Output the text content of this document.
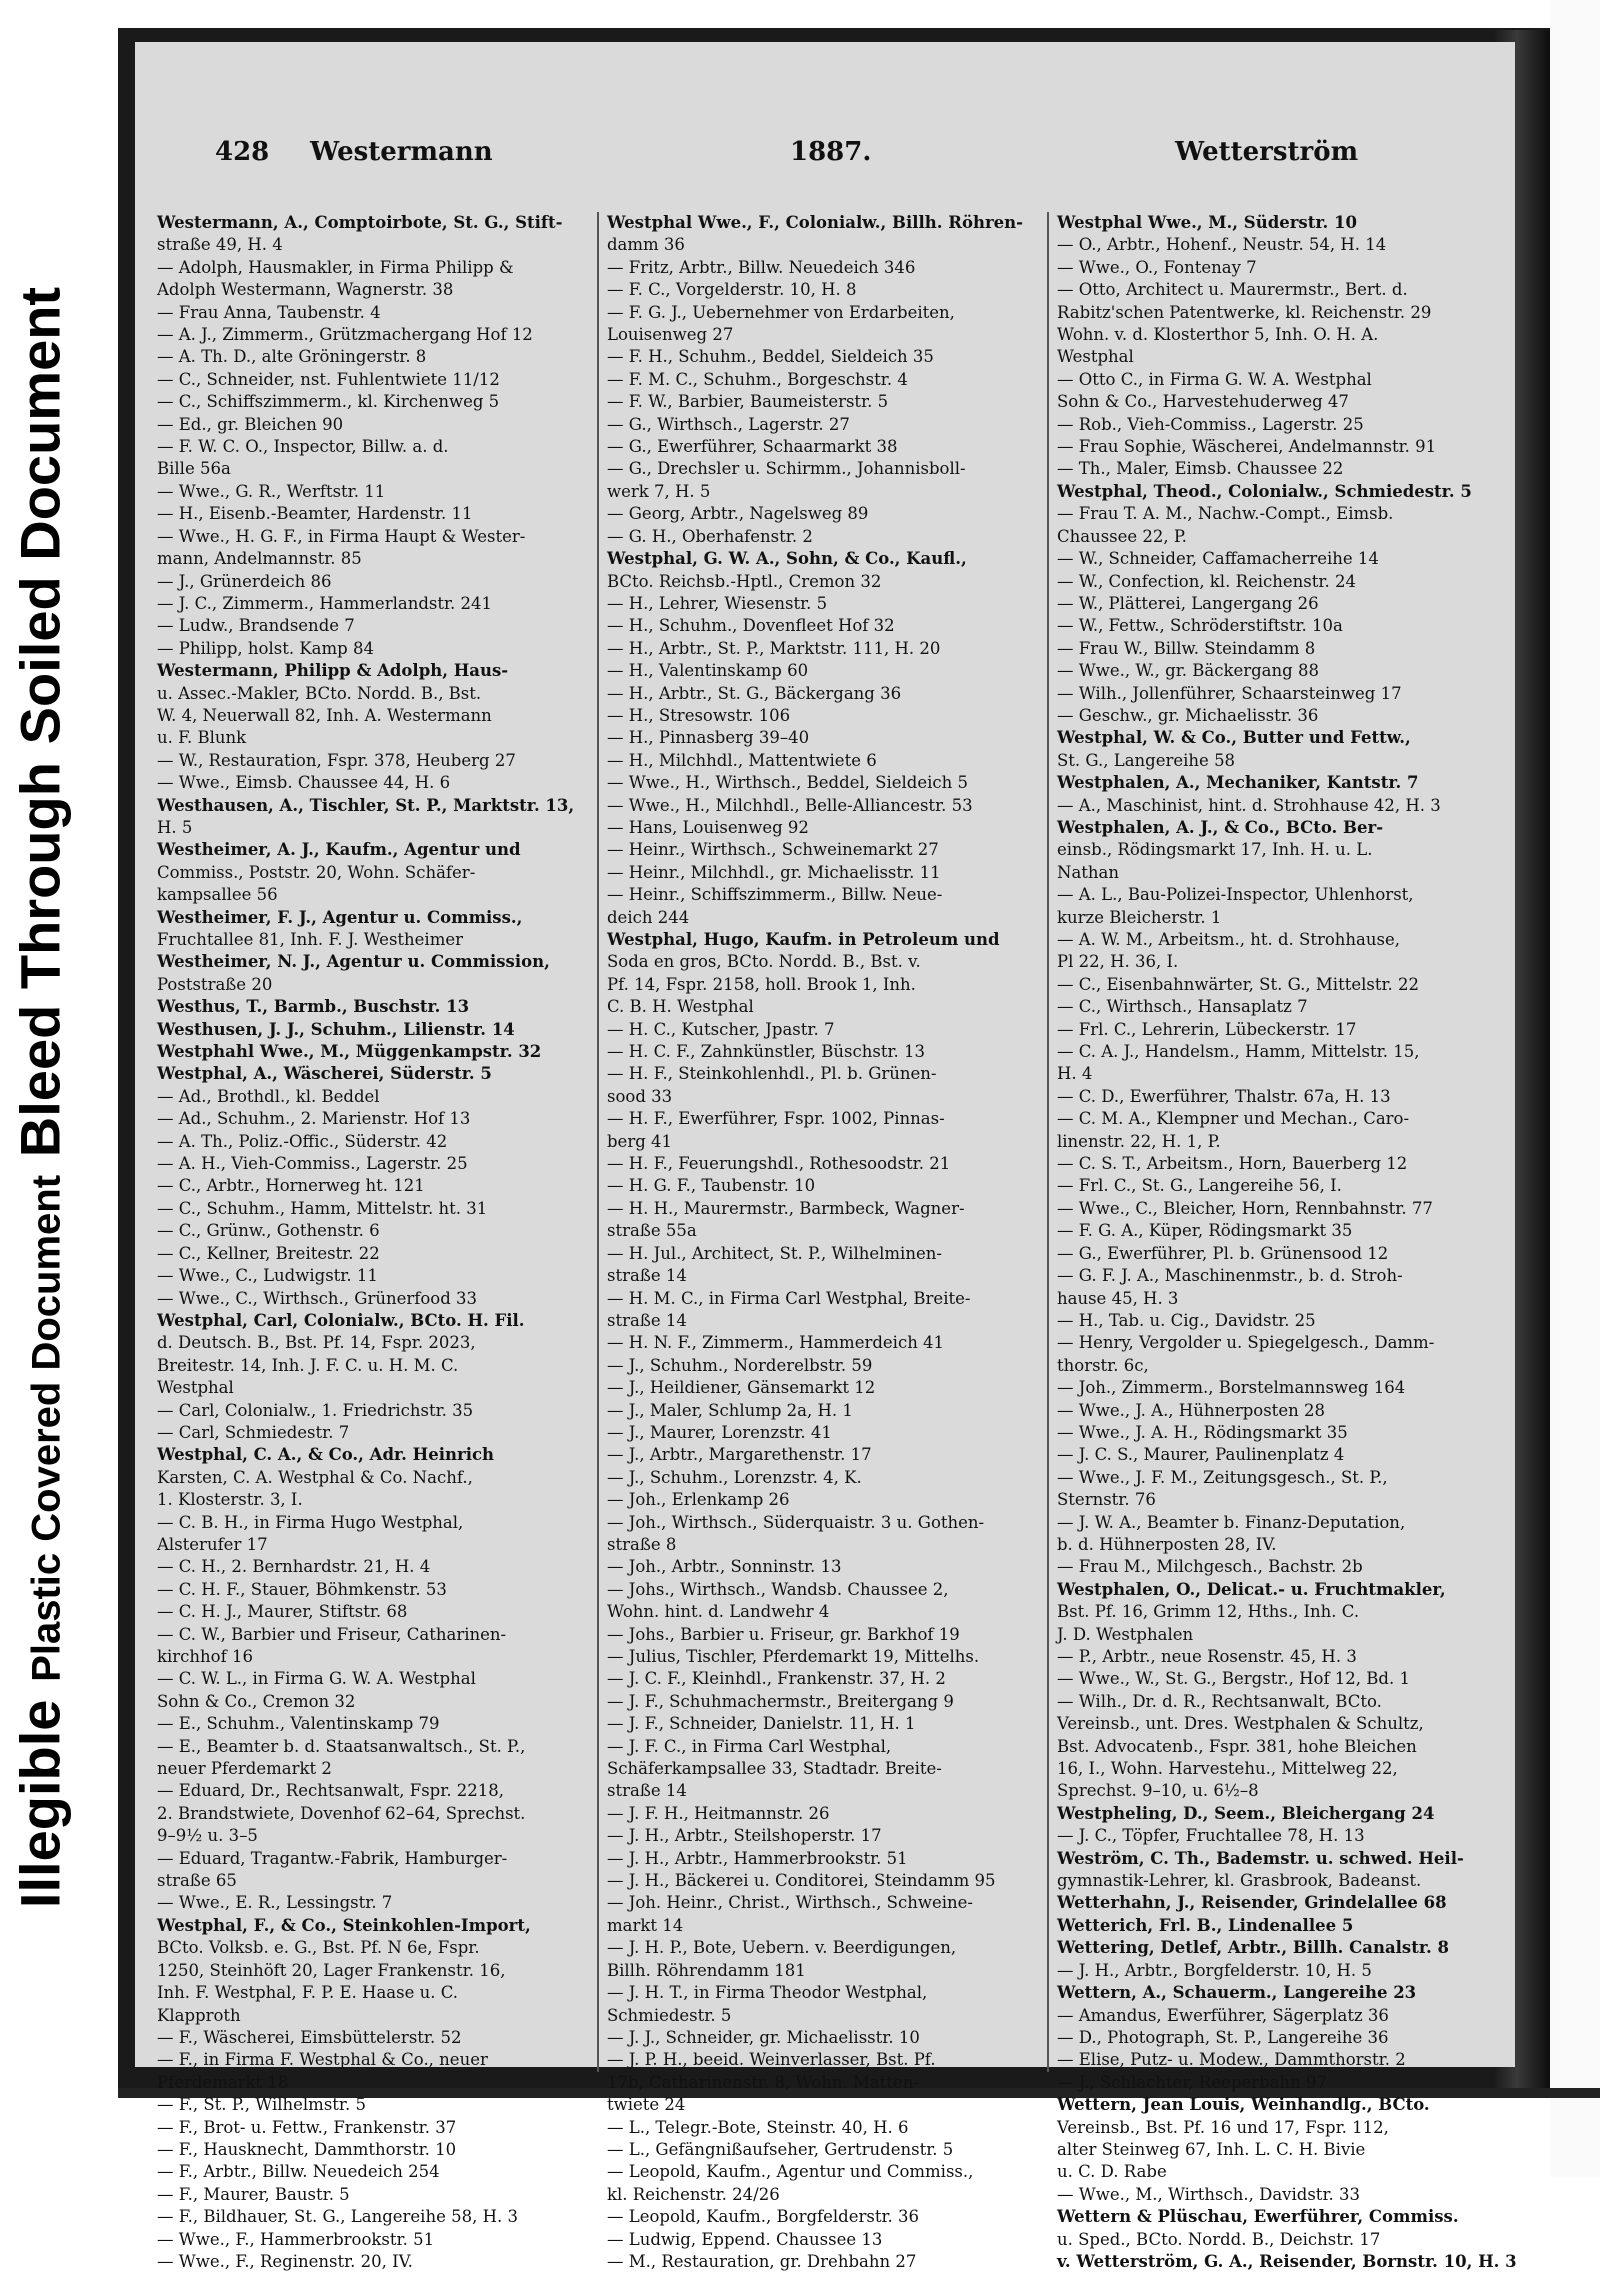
Illegible    Plastic Covered Document    Bleed Through    Soiled Document
428 Westermann	1887.	Wetterström
Westermann, A., Comptoirbote, St. G., Stift-
straße 49, H. 4
— Adolph, Hausmakler, in Firma Philipp &
Adolph Westermann, Wagnerstr. 38
— Frau Anna, Taubenstr. 4
— A. J., Zimmerm., Grützmachergang Hof 12
— A. Th. D., alte Gröningerstr. 8
— C., Schneider, nst. Fuhlentwiete 11/12
— C., Schiffszimmerm., kl. Kirchenweg 5
— Ed., gr. Bleichen 90
— F. W. C. O., Inspector, Billw. a. d.
Bille 56a
— Wwe., G. R., Werftstr. 11
— H., Eisenb.-Beamter, Hardenstr. 11
— Wwe., H. G. F., in Firma Haupt & Wester-
mann, Andelmannstr. 85
— J., Grünerdeich 86
— J. C., Zimmerm., Hammerlandstr. 241
— Ludw., Brandsende 7
— Philipp, holst. Kamp 84
Westermann, Philipp & Adolph, Haus-
u. Assec.-Makler, BCto. Nordd. B., Bst.
W. 4, Neuerwall 82, Inh. A. Westermann
u. F. Blunk
— W., Restauration, Fspr. 378, Heuberg 27
— Wwe., Eimsb. Chaussee 44, H. 6
Westhausen, A., Tischler, St. P., Marktstr. 13,
H. 5
Westheimer, A. J., Kaufm., Agentur und
Commiss., Poststr. 20, Wohn. Schäfer-
kampsallee 56
Westheimer, F. J., Agentur u. Commiss.,
Fruchtallee 81, Inh. F. J. Westheimer
Westheimer, N. J., Agentur u. Commission,
Poststraße 20
Westhus, T., Barmb., Buschstr. 13
Westhusen, J. J., Schuhm., Lilienstr. 14
Westphahl Wwe., M., Müggenkampstr. 32
Westphal, A., Wäscherei, Süderstr. 5
— Ad., Brothdl., kl. Beddel
— Ad., Schuhm., 2. Marienstr. Hof 13
— A. Th., Poliz.-Offic., Süderstr. 42
— A. H., Vieh-Commiss., Lagerstr. 25
— C., Arbtr., Hornerweg ht. 121
— C., Schuhm., Hamm, Mittelstr. ht. 31
— C., Grünw., Gothenstr. 6
— C., Kellner, Breitestr. 22
— Wwe., C., Ludwigstr. 11
— Wwe., C., Wirthsch., Grünerfood 33
Westphal, Carl, Colonialw., BCto. H. Fil.
d. Deutsch. B., Bst. Pf. 14, Fspr. 2023,
Breitestr. 14, Inh. J. F. C. u. H. M. C.
Westphal
— Carl, Colonialw., 1. Friedrichstr. 35
— Carl, Schmiedestr. 7
Westphal, C. A., & Co., Adr. Heinrich
Karsten, C. A. Westphal & Co. Nachf.,
1. Klosterstr. 3, I.
— C. B. H., in Firma Hugo Westphal,
Alsterufer 17
— C. H., 2. Bernhardstr. 21, H. 4
— C. H. F., Stauer, Böhmkenstr. 53
— C. H. J., Maurer, Stiftstr. 68
— C. W., Barbier und Friseur, Catharinen-
kirchhof 16
— C. W. L., in Firma G. W. A. Westphal
Sohn & Co., Cremon 32
— E., Schuhm., Valentinskamp 79
— E., Beamter b. d. Staatsanwaltsch., St. P.,
neuer Pferdemarkt 2
— Eduard, Dr., Rechtsanwalt, Fspr. 2218,
2. Brandstwiete, Dovenhof 62–64, Sprechst.
9–9½ u. 3–5
— Eduard, Tragantw.-Fabrik, Hamburger-
straße 65
— Wwe., E. R., Lessingstr. 7
Westphal, F., & Co., Steinkohlen-Import,
BCto. Volksb. e. G., Bst. Pf. N 6e, Fspr.
1250, Steinhöft 20, Lager Frankenstr. 16,
Inh. F. Westphal, F. P. E. Haase u. C.
Klapproth
— F., Wäscherei, Eimsbüttelerstr. 52
— F., in Firma F. Westphal & Co., neuer
Pferdemarkt 18
— F., St. P., Wilhelmstr. 5
— F., Brot- u. Fettw., Frankenstr. 37
— F., Hausknecht, Dammthorstr. 10
— F., Arbtr., Billw. Neuedeich 254
— F., Maurer, Baustr. 5
— F., Bildhauer, St. G., Langereihe 58, H. 3
— Wwe., F., Hammerbrookstr. 51
— Wwe., F., Reginenstr. 20, IV.
Westphal Wwe., F., Colonialw., Billh. Röhren-
damm 36
— Fritz, Arbtr., Billw. Neuedeich 346
— F. C., Vorgelderstr. 10, H. 8
— F. G. J., Uebernehmer von Erdarbeiten,
Louisenweg 27
— F. H., Schuhm., Beddel, Sieldeich 35
— F. M. C., Schuhm., Borgeschstr. 4
— F. W., Barbier, Baumeisterstr. 5
— G., Wirthsch., Lagerstr. 27
— G., Ewerführer, Schaarmarkt 38
— G., Drechsler u. Schirmm., Johannisboll-
werk 7, H. 5
— Georg, Arbtr., Nagelsweg 89
— G. H., Oberhafenstr. 2
Westphal, G. W. A., Sohn, & Co., Kaufl.,
BCto. Reichsb.-Hptl., Cremon 32
— H., Lehrer, Wiesenstr. 5
— H., Schuhm., Dovenfleet Hof 32
— H., Arbtr., St. P., Marktstr. 111, H. 20
— H., Valentinskamp 60
— H., Arbtr., St. G., Bäckergang 36
— H., Stresowstr. 106
— H., Pinnasberg 39–40
— H., Milchhdl., Mattentwiete 6
— Wwe., H., Wirthsch., Beddel, Sieldeich 5
— Wwe., H., Milchhdl., Belle-Alliancestr. 53
— Hans, Louisenweg 92
— Heinr., Wirthsch., Schweinemarkt 27
— Heinr., Milchhdl., gr. Michaelisstr. 11
— Heinr., Schiffszimmerm., Billw. Neue-
deich 244
Westphal, Hugo, Kaufm. in Petroleum und
Soda en gros, BCto. Nordd. B., Bst. v.
Pf. 14, Fspr. 2158, holl. Brook 1, Inh.
C. B. H. Westphal
— H. C., Kutscher, Jpastr. 7
— H. C. F., Zahnkünstler, Büschstr. 13
— H. F., Steinkohlenhdl., Pl. b. Grünen-
sood 33
— H. F., Ewerführer, Fspr. 1002, Pinnas-
berg 41
— H. F., Feuerungshdl., Rothesoodstr. 21
— H. G. F., Taubenstr. 10
— H. H., Maurermstr., Barmbeck, Wagner-
straße 55a
— H. Jul., Architect, St. P., Wilhelminen-
straße 14
— H. M. C., in Firma Carl Westphal, Breite-
straße 14
— H. N. F., Zimmerm., Hammerdeich 41
— J., Schuhm., Norderelbstr. 59
— J., Heildiener, Gänsemarkt 12
— J., Maler, Schlump 2a, H. 1
— J., Maurer, Lorenzstr. 41
— J., Arbtr., Margarethenstr. 17
— J., Schuhm., Lorenzstr. 4, K.
— Joh., Erlenkamp 26
— Joh., Wirthsch., Süderquaistr. 3 u. Gothen-
straße 8
— Joh., Arbtr., Sonninstr. 13
— Johs., Wirthsch., Wandsb. Chaussee 2,
Wohn. hint. d. Landwehr 4
— Johs., Barbier u. Friseur, gr. Barkhof 19
— Julius, Tischler, Pferdemarkt 19, Mittelhs.
— J. C. F., Kleinhdl., Frankenstr. 37, H. 2
— J. F., Schuhmachermstr., Breitergang 9
— J. F., Schneider, Danielstr. 11, H. 1
— J. F. C., in Firma Carl Westphal,
Schäferkampsallee 33, Stadtadr. Breite-
straße 14
— J. F. H., Heitmannstr. 26
— J. H., Arbtr., Steilshoperstr. 17
— J. H., Arbtr., Hammerbrookstr. 51
— J. H., Bäckerei u. Conditorei, Steindamm 95
— Joh. Heinr., Christ., Wirthsch., Schweine-
markt 14
— J. H. P., Bote, Uebern. v. Beerdigungen,
Billh. Röhrendamm 181
— J. H. T., in Firma Theodor Westphal,
Schmiedestr. 5
— J. J., Schneider, gr. Michaelisstr. 10
— J. P. H., beeid. Weinverlasser, Bst. Pf.
17b, Catharinenstr. 8, Wohn. Matten-
twiete 24
— L., Telegr.-Bote, Steinstr. 40, H. 6
— L., Gefängnißaufseher, Gertrudenstr. 5
— Leopold, Kaufm., Agentur und Commiss.,
kl. Reichenstr. 24/26
— Leopold, Kaufm., Borgfelderstr. 36
— Ludwig, Eppend. Chaussee 13
— M., Restauration, gr. Drehbahn 27
Westphal Wwe., M., Süderstr. 10
— O., Arbtr., Hohenf., Neustr. 54, H. 14
— Wwe., O., Fontenay 7
— Otto, Architect u. Maurermstr., Bert. d.
Rabitz'schen Patentwerke, kl. Reichenstr. 29
Wohn. v. d. Klosterthor 5, Inh. O. H. A.
Westphal
— Otto C., in Firma G. W. A. Westphal
Sohn & Co., Harvestehuderweg 47
— Rob., Vieh-Commiss., Lagerstr. 25
— Frau Sophie, Wäscherei, Andelmannstr. 91
— Th., Maler, Eimsb. Chaussee 22
Westphal, Theod., Colonialw., Schmiedestr. 5
— Frau T. A. M., Nachw.-Compt., Eimsb.
Chaussee 22, P.
— W., Schneider, Caffamacherreihe 14
— W., Confection, kl. Reichenstr. 24
— W., Plätterei, Langergang 26
— W., Fettw., Schröderstiftstr. 10a
— Frau W., Billw. Steindamm 8
— Wwe., W., gr. Bäckergang 88
— Wilh., Jollenführer, Schaarsteinweg 17
— Geschw., gr. Michaelisstr. 36
Westphal, W. & Co., Butter und Fettw.,
St. G., Langereihe 58
Westphalen, A., Mechaniker, Kantstr. 7
— A., Maschinist, hint. d. Strohhause 42, H. 3
Westphalen, A. J., & Co., BCto. Ber-
einsb., Rödingsmarkt 17, Inh. H. u. L.
Nathan
— A. L., Bau-Polizei-Inspector, Uhlenhorst,
kurze Bleicherstr. 1
— A. W. M., Arbeitsm., ht. d. Strohhause,
Pl 22, H. 36, I.
— C., Eisenbahnwärter, St. G., Mittelstr. 22
— C., Wirthsch., Hansaplatz 7
— Frl. C., Lehrerin, Lübeckerstr. 17
— C. A. J., Handelsm., Hamm, Mittelstr. 15,
H. 4
— C. D., Ewerführer, Thalstr. 67a, H. 13
— C. M. A., Klempner und Mechan., Caro-
linenstr. 22, H. 1, P.
— C. S. T., Arbeitsm., Horn, Bauerberg 12
— Frl. C., St. G., Langereihe 56, I.
— Wwe., C., Bleicher, Horn, Rennbahnstr. 77
— F. G. A., Küper, Rödingsmarkt 35
— G., Ewerführer, Pl. b. Grünensood 12
— G. F. J. A., Maschinenmstr., b. d. Stroh-
hause 45, H. 3
— H., Tab. u. Cig., Davidstr. 25
— Henry, Vergolder u. Spiegelgesch., Damm-
thorstr. 6c,
— Joh., Zimmerm., Borstelmannsweg 164
— Wwe., J. A., Hühnerposten 28
— Wwe., J. A. H., Rödingsmarkt 35
— J. C. S., Maurer, Paulinenplatz 4
— Wwe., J. F. M., Zeitungsgesch., St. P.,
Sternstr. 76
— J. W. A., Beamter b. Finanz-Deputation,
b. d. Hühnerposten 28, IV.
— Frau M., Milchgesch., Bachstr. 2b
Westphalen, O., Delicat.- u. Fruchtmakler,
Bst. Pf. 16, Grimm 12, Hths., Inh. C.
J. D. Westphalen
— P., Arbtr., neue Rosenstr. 45, H. 3
— Wwe., W., St. G., Bergstr., Hof 12, Bd. 1
— Wilh., Dr. d. R., Rechtsanwalt, BCto.
Vereinsb., unt. Dres. Westphalen & Schultz,
Bst. Advocatenb., Fspr. 381, hohe Bleichen
16, I., Wohn. Harvestehu., Mittelweg 22,
Sprechst. 9–10, u. 6½–8
Westpheling, D., Seem., Bleichergang 24
— J. C., Töpfer, Fruchtallee 78, H. 13
Weström, C. Th., Bademstr. u. schwed. Heil-
gymnastik-Lehrer, kl. Grasbrook, Badeanst.
Wetterhahn, J., Reisender, Grindelallee 68
Wetterich, Frl. B., Lindenallee 5
Wettering, Detlef, Arbtr., Billh. Canalstr. 8
— J. H., Arbtr., Borgfelderstr. 10, H. 5
Wettern, A., Schauerm., Langereihe 23
— Amandus, Ewerführer, Sägerplatz 36
— D., Photograph, St. P., Langereihe 36
— Elise, Putz- u. Modew., Dammthorstr. 2
— J., Schlachter, Reeperbahn 97
Wettern, Jean Louis, Weinhandlg., BCto.
Vereinsb., Bst. Pf. 16 und 17, Fspr. 112,
alter Steinweg 67, Inh. L. C. H. Bivie
u. C. D. Rabe
— Wwe., M., Wirthsch., Davidstr. 33
Wettern & Plüschau, Ewerführer, Commiss.
u. Sped., BCto. Nordd. B., Deichstr. 17
v. Wetterström, G. A., Reisender, Bornstr. 10, H. 3
